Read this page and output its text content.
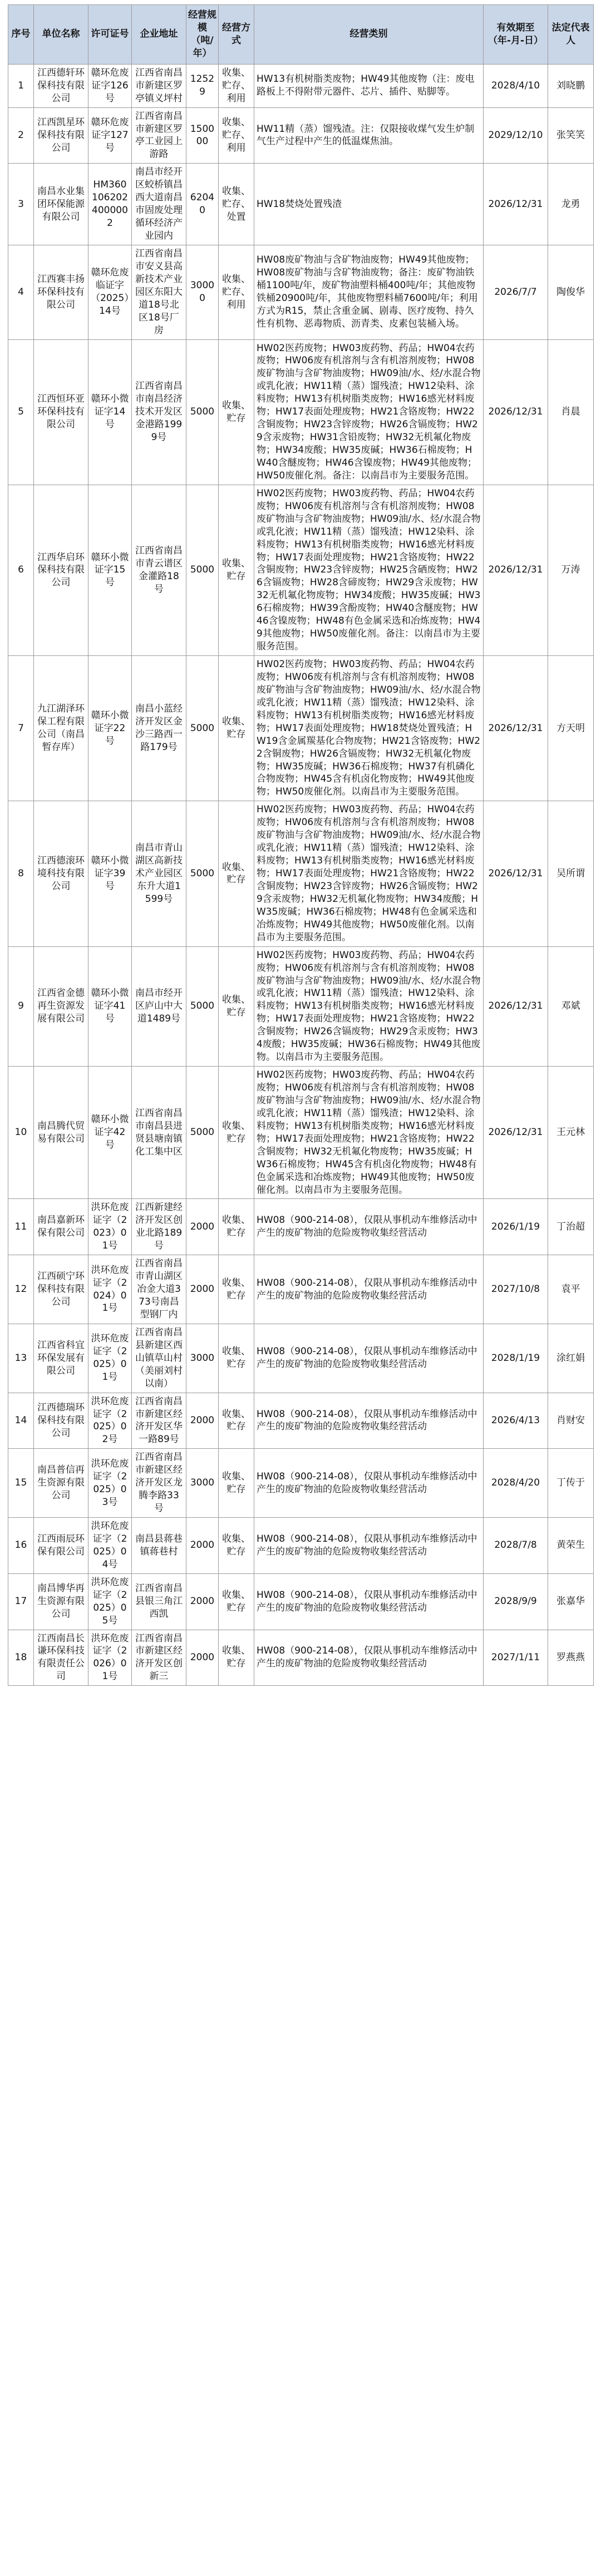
序号	单位名称	许可证号	企业地址	经营规模（吨/年）	经营方式	经营类别	有效期至（年-月-日）	法定代表人
1	江西德轩环保科技有限公司	赣环危废证字126号	江西省南昌市新建区罗亭镇义坪村	12529	收集、贮存、利用	HW13有机树脂类废物；HW49其他废物（注：废电路板上不得附带元器件、芯片、插件、贴脚等。	2028/4/10	刘晓鹏
2	江西凯星环保科技有限公司	赣环危废证字127号	江西省南昌市新建区罗亭工业园上游路	150000	收集、贮存、利用	HW11精（蒸）馏残渣。注：仅限接收煤气发生炉制气生产过程中产生的低温煤焦油。	2029/12/10	张笑笑
3	南昌水业集团环保能源有限公司	HM360106202400000 2	南昌市经开区蛟桥镇昌西大道南昌市固废处理循环经济产业园内	62040	收集、贮存、处置	HW18焚烧处置残渣	2026/12/31	龙勇
4	江西赛丰扬环保科技有限公司	赣环危废临证字（2025）14号	江西省南昌市安义县高新技术产业园区东阳大道18号北区18号厂房	30000	收集、贮存、利用	HW08废矿物油与含矿物油废物；HW49其他废物；HW08废矿物油与含矿物油废物；备注：废矿物油铁桶1100吨/年，废矿物油塑料桶400吨/年；其他废物铁桶20900吨/年，其他废物塑料桶7600吨/年；利用方式为R15，禁止含重金属、剧毒、医疗废物、持久性有机物、恶毒物质、沥青类、皮素包装桶入场。	2026/7/7	陶俊华
5	江西恒环亚环保科技有限公司	赣环小微证字14号	江西省南昌市南昌经济技术开发区金港路1999号	5000	收集、贮存	HW02医药废物；HW03废药物、药品；HW04农药废物；HW06废有机溶剂与含有机溶剂废物；HW08废矿物油与含矿物油废物；HW09油/水、烃/水混合物或乳化液；HW11精（蒸）馏残渣；HW12染料、涂料废物；HW13有机树脂类废物；HW16感光材料废物；HW17表面处理废物；HW21含铬废物；HW22含铜废物；HW23含锌废物；HW26含镉废物；HW29含汞废物；HW31含铅废物；HW32无机氟化物废物；HW34废酸；HW35废碱；HW36石棉废物；HW40含醚废物；HW46含镍废物；HW49其他废物；HW50废催化剂。备注：以南昌市为主要服务范围。	2026/12/31	肖晨
6	江西华启环保科技有限公司	赣环小微证字15号	江西省南昌市青云谱区金灌路18号	5000	收集、贮存	HW02医药废物；HW03废药物、药品；HW04农药废物；HW06废有机溶剂与含有机溶剂废物；HW08废矿物油与含矿物油废物；HW09油/水、烃/水混合物或乳化液；HW11精（蒸）馏残渣；HW12染料、涂料废物；HW13有机树脂类废物；HW16感光材料废物；HW17表面处理废物；HW21含铬废物；HW22含铜废物；HW23含锌废物；HW25含硒废物；HW26含镉废物；HW28含碲废物；HW29含汞废物；HW32无机氟化物废物；HW34废酸；HW35废碱；HW36石棉废物；HW39含酚废物；HW40含醚废物；HW46含镍废物；HW48有色金属采选和冶炼废物；HW49其他废物；HW50废催化剂。备注：以南昌市为主要服务范围。	2026/12/31	万涛
7	九江湖泽环保工程有限公司（南昌暂存库）	赣环小微证字22号	南昌小蓝经济开发区金沙三路西一路179号	5000	收集、贮存	HW02医药废物；HW03废药物、药品；HW04农药废物；HW06废有机溶剂与含有机溶剂废物；HW08废矿物油与含矿物油废物；HW09油/水、烃/水混合物或乳化液；HW11精（蒸）馏残渣；HW12染料、涂料废物；HW13有机树脂类废物；HW16感光材料废物；HW17表面处理废物；HW18焚烧处置残渣；HW19含金属羰基化合物废物；HW21含铬废物；HW22含铜废物；HW26含镉废物；HW32无机氟化物废物；HW35废碱；HW36石棉废物；HW37有机磷化合物废物；HW45含有机卤化物废物；HW49其他废物；HW50废催化剂。以南昌市为主要服务范围。	2026/12/31	方天明
8	江西德滚环境科技有限公司	赣环小微证字39号	南昌市青山湖区高新技术产业园区东升大道1599号	5000	收集、贮存	HW02医药废物；HW03废药物、药品；HW04农药废物；HW06废有机溶剂与含有机溶剂废物；HW08废矿物油与含矿物油废物；HW09油/水、烃/水混合物或乳化液；HW11精（蒸）馏残渣；HW12染料、涂料废物；HW13有机树脂类废物；HW16感光材料废物；HW17表面处理废物；HW21含铬废物；HW22含铜废物；HW23含锌废物；HW26含镉废物；HW29含汞废物；HW32无机氟化物废物；HW34废酸；HW35废碱；HW36石棉废物；HW48有色金属采选和冶炼废物；HW49其他废物；HW50废催化剂。以南昌市为主要服务范围。	2026/12/31	吴所谓
9	江西省金德再生资源发展有限公司	赣环小微证字41号	南昌市经开区庐山中大道1489号	5000	收集、贮存	HW02医药废物；HW03废药物、药品；HW04农药废物；HW06废有机溶剂与含有机溶剂废物；HW08废矿物油与含矿物油废物；HW09油/水、烃/水混合物或乳化液；HW11精（蒸）馏残渣；HW12染料、涂料废物；HW13有机树脂类废物；HW16感光材料废物；HW17表面处理废物；HW21含铬废物；HW22含铜废物；HW26含镉废物；HW29含汞废物；HW34废酸；HW35废碱；HW36石棉废物；HW49其他废物。以南昌市为主要服务范围。	2026/12/31	邓斌
10	南昌腾代贸易有限公司	赣环小微证字42号	江西省南昌市南昌县进贤县塘南镇化工集中区	5000	收集、贮存	HW02医药废物；HW03废药物、药品；HW04农药废物；HW06废有机溶剂与含有机溶剂废物；HW08废矿物油与含矿物油废物；HW09油/水、烃/水混合物或乳化液；HW11精（蒸）馏残渣；HW12染料、涂料废物；HW13有机树脂类废物；HW16感光材料废物；HW17表面处理废物；HW21含铬废物；HW22含铜废物；HW32无机氟化物废物；HW35废碱；HW36石棉废物；HW45含有机卤化物废物；HW48有色金属采选和冶炼废物；HW49其他废物；HW50废催化剂。以南昌市为主要服务范围。	2026/12/31	王元林
11	南昌嘉新环保有限公司	洪环危废证字（2023）01号	江西新建经济开发区创业北路189号	2000	收集、贮存	HW08（900-214-08），仅限从事机动车维修活动中产生的废矿物油的危险废物收集经营活动	2026/1/19	丁治超
12	江西硕宁环保科技有限公司	洪环危废证字（2024）01号	江西省南昌市青山湖区冶金大道373号南昌型钢厂内	2000	收集、贮存	HW08（900-214-08），仅限从事机动车维修活动中产生的废矿物油的危险废物收集经营活动	2027/10/8	袁平
13	江西省科宜环保发展有限公司	洪环危废证字（2025）01号	江西省南昌县新建区西山镇草山村（美丽刘村以南）	3000	收集、贮存	HW08（900-214-08），仅限从事机动车维修活动中产生的废矿物油的危险废物收集经营活动	2028/1/19	涂红娟
14	江西德瑞环保科技有限公司	洪环危废证字（2025）02号	江西省南昌市新建区经济开发区华一路89号	2000	收集、贮存	HW08（900-214-08），仅限从事机动车维修活动中产生的废矿物油的危险废物收集经营活动	2026/4/13	肖财安
15	南昌普信再生资源有限公司	洪环危废证字（2025）03号	江西省南昌市新建区经济开发区龙腾李路33号	3000	收集、贮存	HW08（900-214-08），仅限从事机动车维修活动中产生的废矿物油的危险废物收集经营活动	2028/4/20	丁传于
16	江西雨辰环保有限公司	洪环危废证字（2025）04号	南昌县蒋巷镇蒋巷村	2000	收集、贮存	HW08（900-214-08），仅限从事机动车维修活动中产生的废矿物油的危险废物收集经营活动	2028/7/8	黄荣生
17	南昌博华再生资源有限公司	洪环危废证字（2025）05号	江西省南昌县银三角江西凯	2000	收集、贮存	HW08（900-214-08），仅限从事机动车维修活动中产生的废矿物油的危险废物收集经营活动	2028/9/9	张嘉华
18	江西南昌长谦环保科技有限责任公司	洪环危废证字（2026）01号	江西省南昌市新建区经济开发区创新三	2000	收集、贮存	HW08（900-214-08），仅限从事机动车维修活动中产生的废矿物油的危险废物收集经营活动	2027/1/11	罗燕燕
